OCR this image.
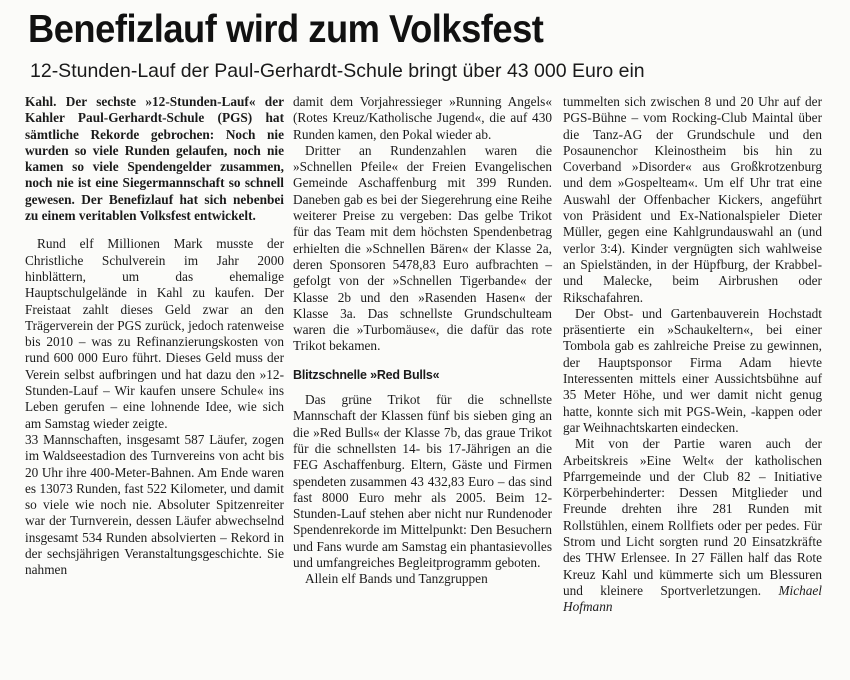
Benefizlauf wird zum Volksfest
12-Stunden-Lauf der Paul-Gerhardt-Schule bringt über 43 000 Euro ein

Kahl. Der sechste »12-Stunden-Lauf« der Kahler Paul-Gerhardt-Schule (PGS) hat sämtliche Rekorde gebrochen: Noch nie wurden so viele Runden gelaufen, noch nie kamen so viele Spendengelder zusammen, noch nie ist eine Siegermannschaft so schnell gewesen. Der Benefizlauf hat sich nebenbei zu einem veritablen Volksfest entwickelt.

Rund elf Millionen Mark musste der Christliche Schulverein im Jahr 2000 hinblättern, um das ehemalige Hauptschulgelände in Kahl zu kaufen. Der Freistaat zahlt dieses Geld zwar an den Trägerverein der PGS zurück, jedoch ratenweise bis 2010 – was zu Refinanzierungskosten von rund 600 000 Euro führt. Dieses Geld muss der Verein selbst aufbringen und hat dazu den »12-Stunden-Lauf – Wir kaufen unsere Schule« ins Leben gerufen – eine lohnende Idee, wie sich am Samstag wieder zeigte.

33 Mannschaften, insgesamt 587 Läufer, zogen im Waldseestadion des Turnvereins von acht bis 20 Uhr ihre 400-Meter-Bahnen. Am Ende waren es 13073 Runden, fast 522 Kilometer, und damit so viele wie noch nie. Absoluter Spitzenreiter war der Turnverein, dessen Läufer abwechselnd insgesamt 534 Runden absolvierten – Rekord in der sechsjährigen Veranstaltungsgeschichte. Sie nahmen

damit dem Vorjahressieger »Running Angels« (Rotes Kreuz/Katholische Jugend«, die auf 430 Runden kamen, den Pokal wieder ab.

Dritter an Rundenzahlen waren die »Schnellen Pfeile« der Freien Evangelischen Gemeinde Aschaffenburg mit 399 Runden. Daneben gab es bei der Siegerehrung eine Reihe weiterer Preise zu vergeben: Das gelbe Trikot für das Team mit dem höchsten Spendenbetrag erhielten die »Schnellen Bären« der Klasse 2a, deren Sponsoren 5478,83 Euro aufbrachten – gefolgt von der »Schnellen Tigerbande« der Klasse 2b und den »Rasenden Hasen« der Klasse 3a. Das schnellste Grundschulteam waren die »Turbomäuse«, die dafür das rote Trikot bekamen.

Blitzschnelle »Red Bulls«

Das grüne Trikot für die schnellste Mannschaft der Klassen fünf bis sieben ging an die »Red Bulls« der Klasse 7b, das graue Trikot für die schnellsten 14- bis 17-Jährigen an die FEG Aschaffenburg. Eltern, Gäste und Firmen spendeten zusammen 43 432,83 Euro – das sind fast 8000 Euro mehr als 2005. Beim 12-Stunden-Lauf stehen aber nicht nur Rundenoder Spendenrekorde im Mittelpunkt: Den Besuchern und Fans wurde am Samstag ein phantasievolles und umfangreiches Begleitprogramm geboten.

Allein elf Bands und Tanzgruppen

tummelten sich zwischen 8 und 20 Uhr auf der PGS-Bühne – vom Rocking-Club Maintal über die Tanz-AG der Grundschule und den Posaunenchor Kleinostheim bis hin zu Coverband »Disorder« aus Großkrotzenburg und dem »Gospelteam«. Um elf Uhr trat eine Auswahl der Offenbacher Kickers, angeführt von Präsident und Ex-Nationalspieler Dieter Müller, gegen eine Kahlgrundauswahl an (und verlor 3:4). Kinder vergnügten sich wahlweise an Spielständen, in der Hüpfburg, der Krabbel- und Malecke, beim Airbrushen oder Rikschafahren.

Der Obst- und Gartenbauverein Hochstadt präsentierte ein »Schaukeltern«, bei einer Tombola gab es zahlreiche Preise zu gewinnen, der Hauptsponsor Firma Adam hievte Interessenten mittels einer Aussichtsbühne auf 35 Meter Höhe, und wer damit nicht genug hatte, konnte sich mit PGS-Wein, -kappen oder gar Weihnachtskarten eindecken.

Mit von der Partie waren auch der Arbeitskreis »Eine Welt« der katholischen Pfarrgemeinde und der Club 82 – Initiative Körperbehinderter: Dessen Mitglieder und Freunde drehten ihre 281 Runden mit Rollstühlen, einem Rollfiets oder per pedes. Für Strom und Licht sorgten rund 20 Einsatzkräfte des THW Erlensee. In 27 Fällen half das Rote Kreuz Kahl und kümmerte sich um Blessuren und kleinere Sportverletzungen. Michael Hofmann
